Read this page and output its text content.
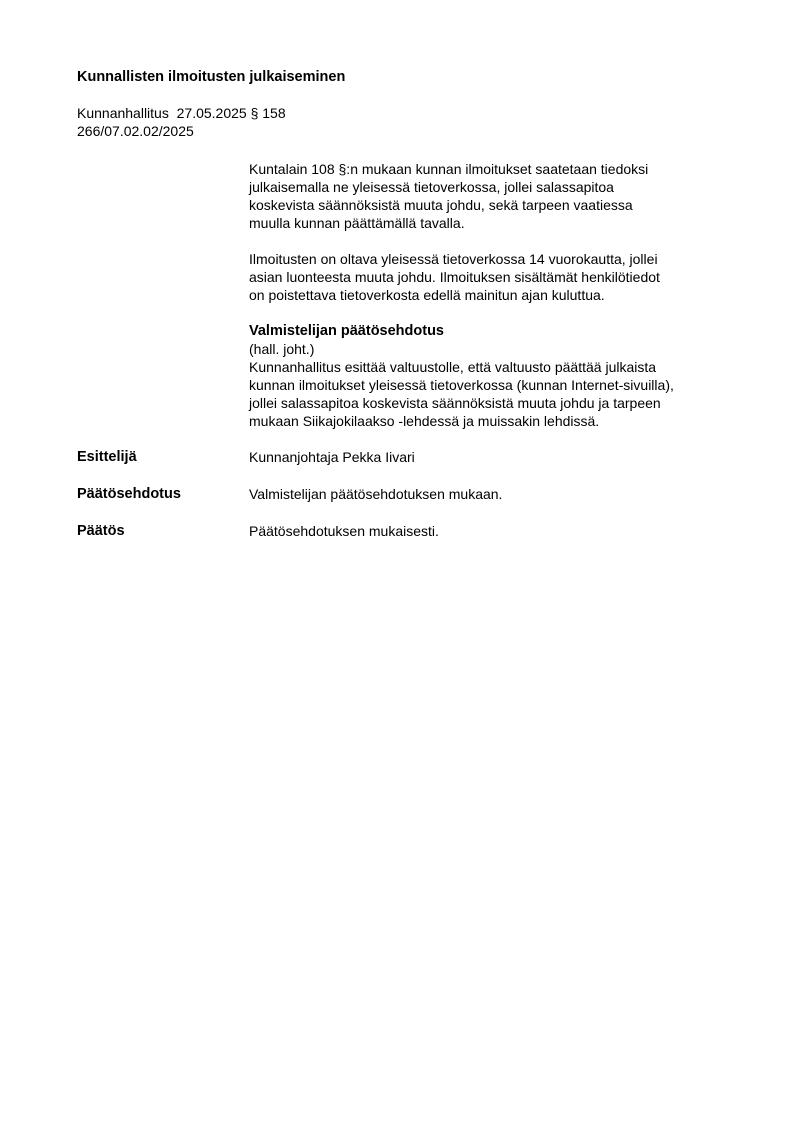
Kunnallisten ilmoitusten julkaiseminen
Kunnanhallitus  27.05.2025 § 158
266/07.02.02/2025

Kuntalain 108 §:n mukaan kunnan ilmoitukset saatetaan tiedoksi
julkaisemalla ne yleisessä tietoverkossa, jollei salassapitoa
koskevista säännöksistä muuta johdu, sekä tarpeen vaatiessa
muulla kunnan päättämällä tavalla.

Ilmoitusten on oltava yleisessä tietoverkossa 14 vuorokautta, jollei
asian luonteesta muuta johdu. Ilmoituksen sisältämät henkilötiedot
on poistettava tietoverkosta edellä mainitun ajan kuluttua.

Valmistelijan päätösehdotus
(hall. joht.)
Kunnanhallitus esittää valtuustolle, että valtuusto päättää julkaista
kunnan ilmoitukset yleisessä tietoverkossa (kunnan Internet-sivuilla),
jollei salassapitoa koskevista säännöksistä muuta johdu ja tarpeen
mukaan Siikajokilaakso -lehdessä ja muissakin lehdissä.

Esittelijä	Kunnanjohtaja Pekka Iivari
Päätösehdotus	Valmistelijan päätösehdotuksen mukaan.
Päätös	Päätösehdotuksen mukaisesti.
